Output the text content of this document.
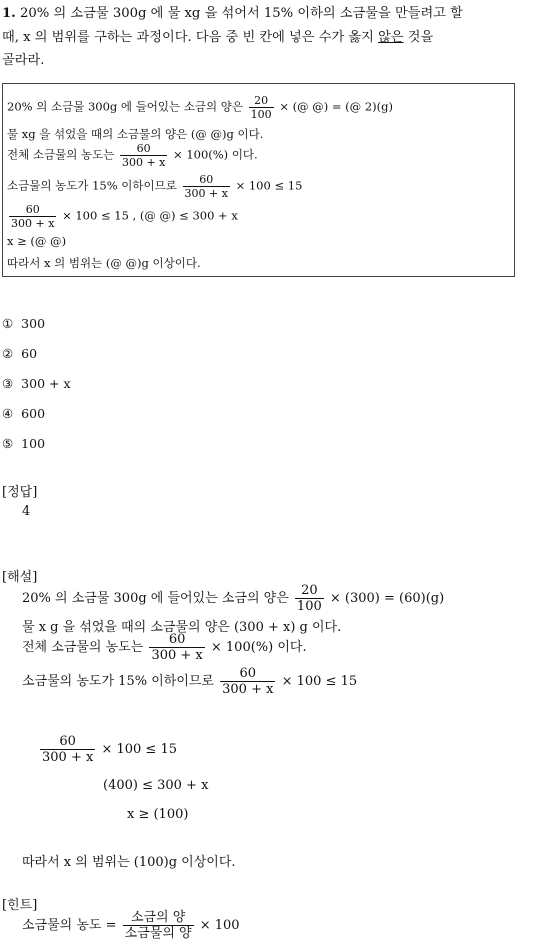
1. 20% 의 소금물 300g 에 물 xg 을 섞어서 15% 이하의 소금물을 만들려고 할
때, x 의 범위를 구하는 과정이다. 다음 중 빈 칸에 넣은 수가 옳지 않은 것을
골라라.
20% 의 소금물 300g 에 들어있는 소금의 양은 $\frac{20}{100}$ × (@ @) = (@ 2)(g)
물 xg 을 섞었을 때의 소금물의 양은 (@ @)g 이다.
전체 소금물의 농도는 $\frac{60}{300 + x} \times 100(\%)$ 이다.
소금물의 농도가 15% 이하이므로 $\frac{60}{300 + x} \times 100 \le 15$
$\frac{60}{300 + x} \times 100 \le 15$ , (@ @) ≤ 300 + x
x ≥ (@ @)
따라서 x 의 범위는 (@ @)g 이상이다.
① 300
② 60
③ 300 + x
④ 600
⑤ 100
[정답]
4
[해설]
20% 의 소금물 300g 에 들어있는 소금의 양은 $\frac{20}{100} \times (300) = (60)(g)$
물 x g 을 섞었을 때의 소금물의 양은 (300 + x) g 이다.
전체 소금물의 농도는 $\frac{60}{300 + x} \times 100(\%)$ 이다.
소금물의 농도가 15% 이하이므로 $\frac{60}{300 + x} \times 100 \le 15$
$\frac{60}{300 + x} \times 100 \le 15$
(400) ≤ 300 + x
x ≥ (100)
따라서 x 의 범위는 (100)g 이상이다.
[힌트]
소금물의 농도 = $\frac{\text{소금의 양}}{\text{소금물의 양}} \times 100$
